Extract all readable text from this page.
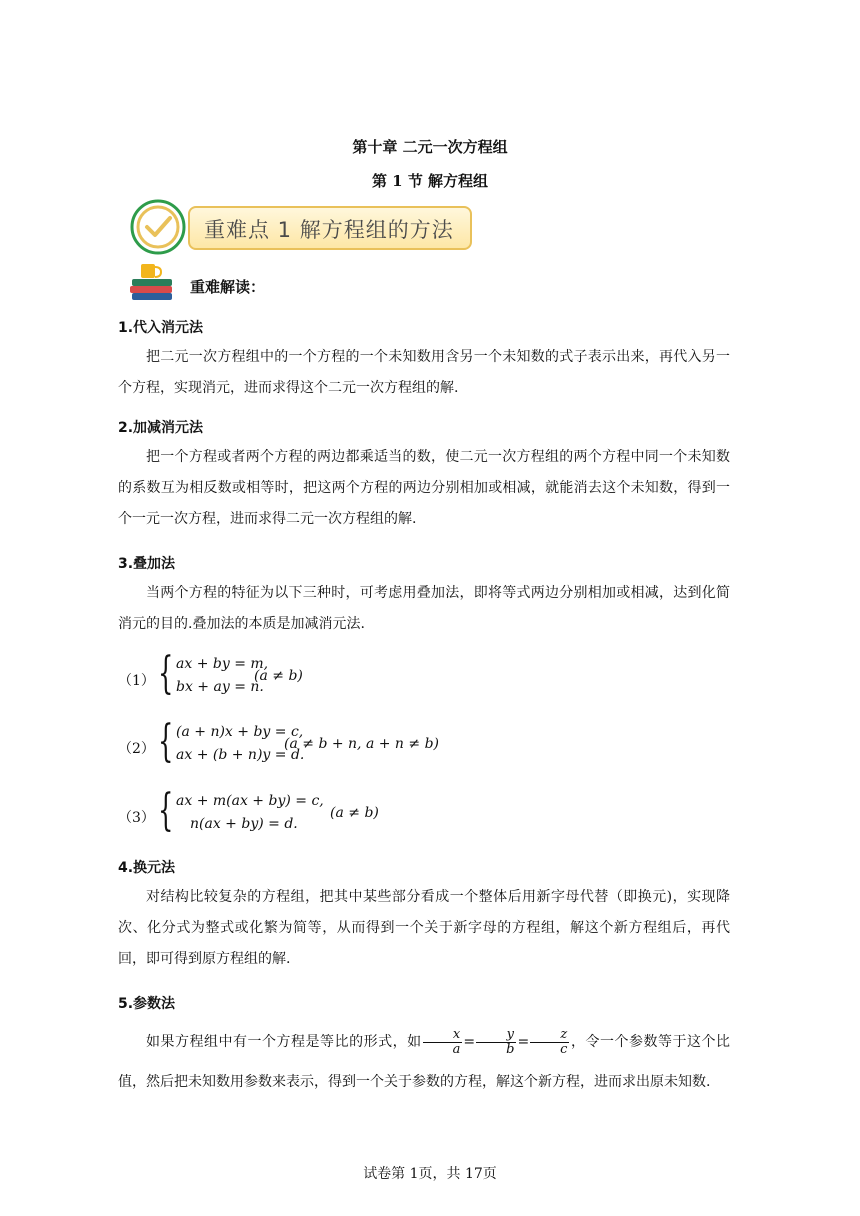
第十章 二元一次方程组
第 1 节 解方程组
重难点 1 解方程组的方法
重难解读：
1.代入消元法
把二元一次方程组中的一个方程的一个未知数用含另一个未知数的式子表示出来，再代入另一个方程，实现消元，进而求得这个二元一次方程组的解.
2.加减消元法
把一个方程或者两个方程的两边都乘适当的数，使二元一次方程组的两个方程中同一个未知数的系数互为相反数或相等时，把这两个方程的两边分别相加或相减，就能消去这个未知数，得到一个一元一次方程，进而求得二元一次方程组的解.
3.叠加法
当两个方程的特征为以下三种时，可考虑用叠加法，即将等式两边分别相加或相减，达到化简消元的目的.叠加法的本质是加减消元法.
（1） { ax + by = m,
bx + ay = n.
(a ≠ b)
（2） { (a + n)x + by = c,
ax + (b + n)y = d.
(a ≠ b + n, a + n ≠ b)
（3） { ax + m(ax + by) = c,
n(ax + by) = d.
(a ≠ b)
4.换元法
对结构比较复杂的方程组，把其中某些部分看成一个整体后用新字母代替（即换元)，实现降次、化分式为整式或化繁为简等，从而得到一个关于新字母的方程组，解这个新方程组后，再代回，即可得到原方程组的解.
5.参数法
如果方程组中有一个方程是等比的形式，如 $\frac{x}{a} = \frac{y}{b} = \frac{z}{c}$ ，令一个参数等于这个比值，然后把未知数用参数来表示，得到一个关于参数的方程，解这个新方程，进而求出原未知数.
试卷第 1页，共 17页
